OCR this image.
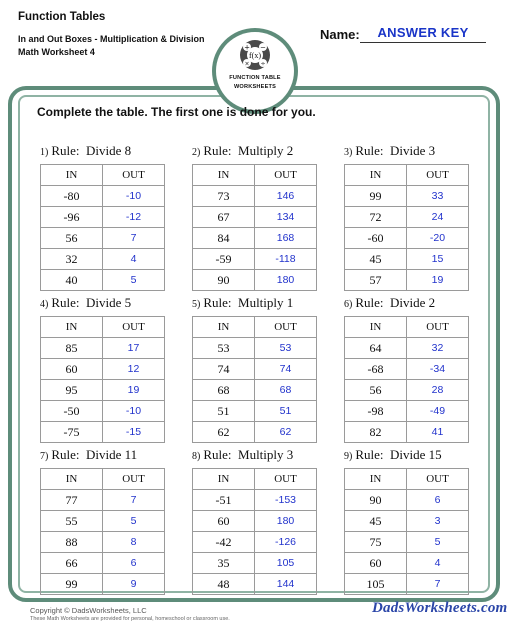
Function Tables
In and Out Boxes - Multiplication & Division
Math Worksheet 4
Name:	ANSWER KEY
f(x)
+ −
× ÷
FUNCTION TABLE
WORKSHEETS
Complete the table. The first one is done for you.
1) Rule:  Divide 8
IN	OUT
-80	-10
-96	-12
56	7
32	4
40	5
2) Rule:  Multiply 2
IN	OUT
73	146
67	134
84	168
-59	-118
90	180
3) Rule:  Divide 3
IN	OUT
99	33
72	24
-60	-20
45	15
57	19
4) Rule:  Divide 5
IN	OUT
85	17
60	12
95	19
-50	-10
-75	-15
5) Rule:  Multiply 1
IN	OUT
53	53
74	74
68	68
51	51
62	62
6) Rule:  Divide 2
IN	OUT
64	32
-68	-34
56	28
-98	-49
82	41
7) Rule:  Divide 11
IN	OUT
77	7
55	5
88	8
66	6
99	9
8) Rule:  Multiply 3
IN	OUT
-51	-153
60	180
-42	-126
35	105
48	144
9) Rule:  Divide 15
IN	OUT
90	6
45	3
75	5
60	4
105	7
Copyright © DadsWorksheets, LLC
These Math Worksheets are provided for personal, homeschool or classroom use.
DadsWorksheets.com
